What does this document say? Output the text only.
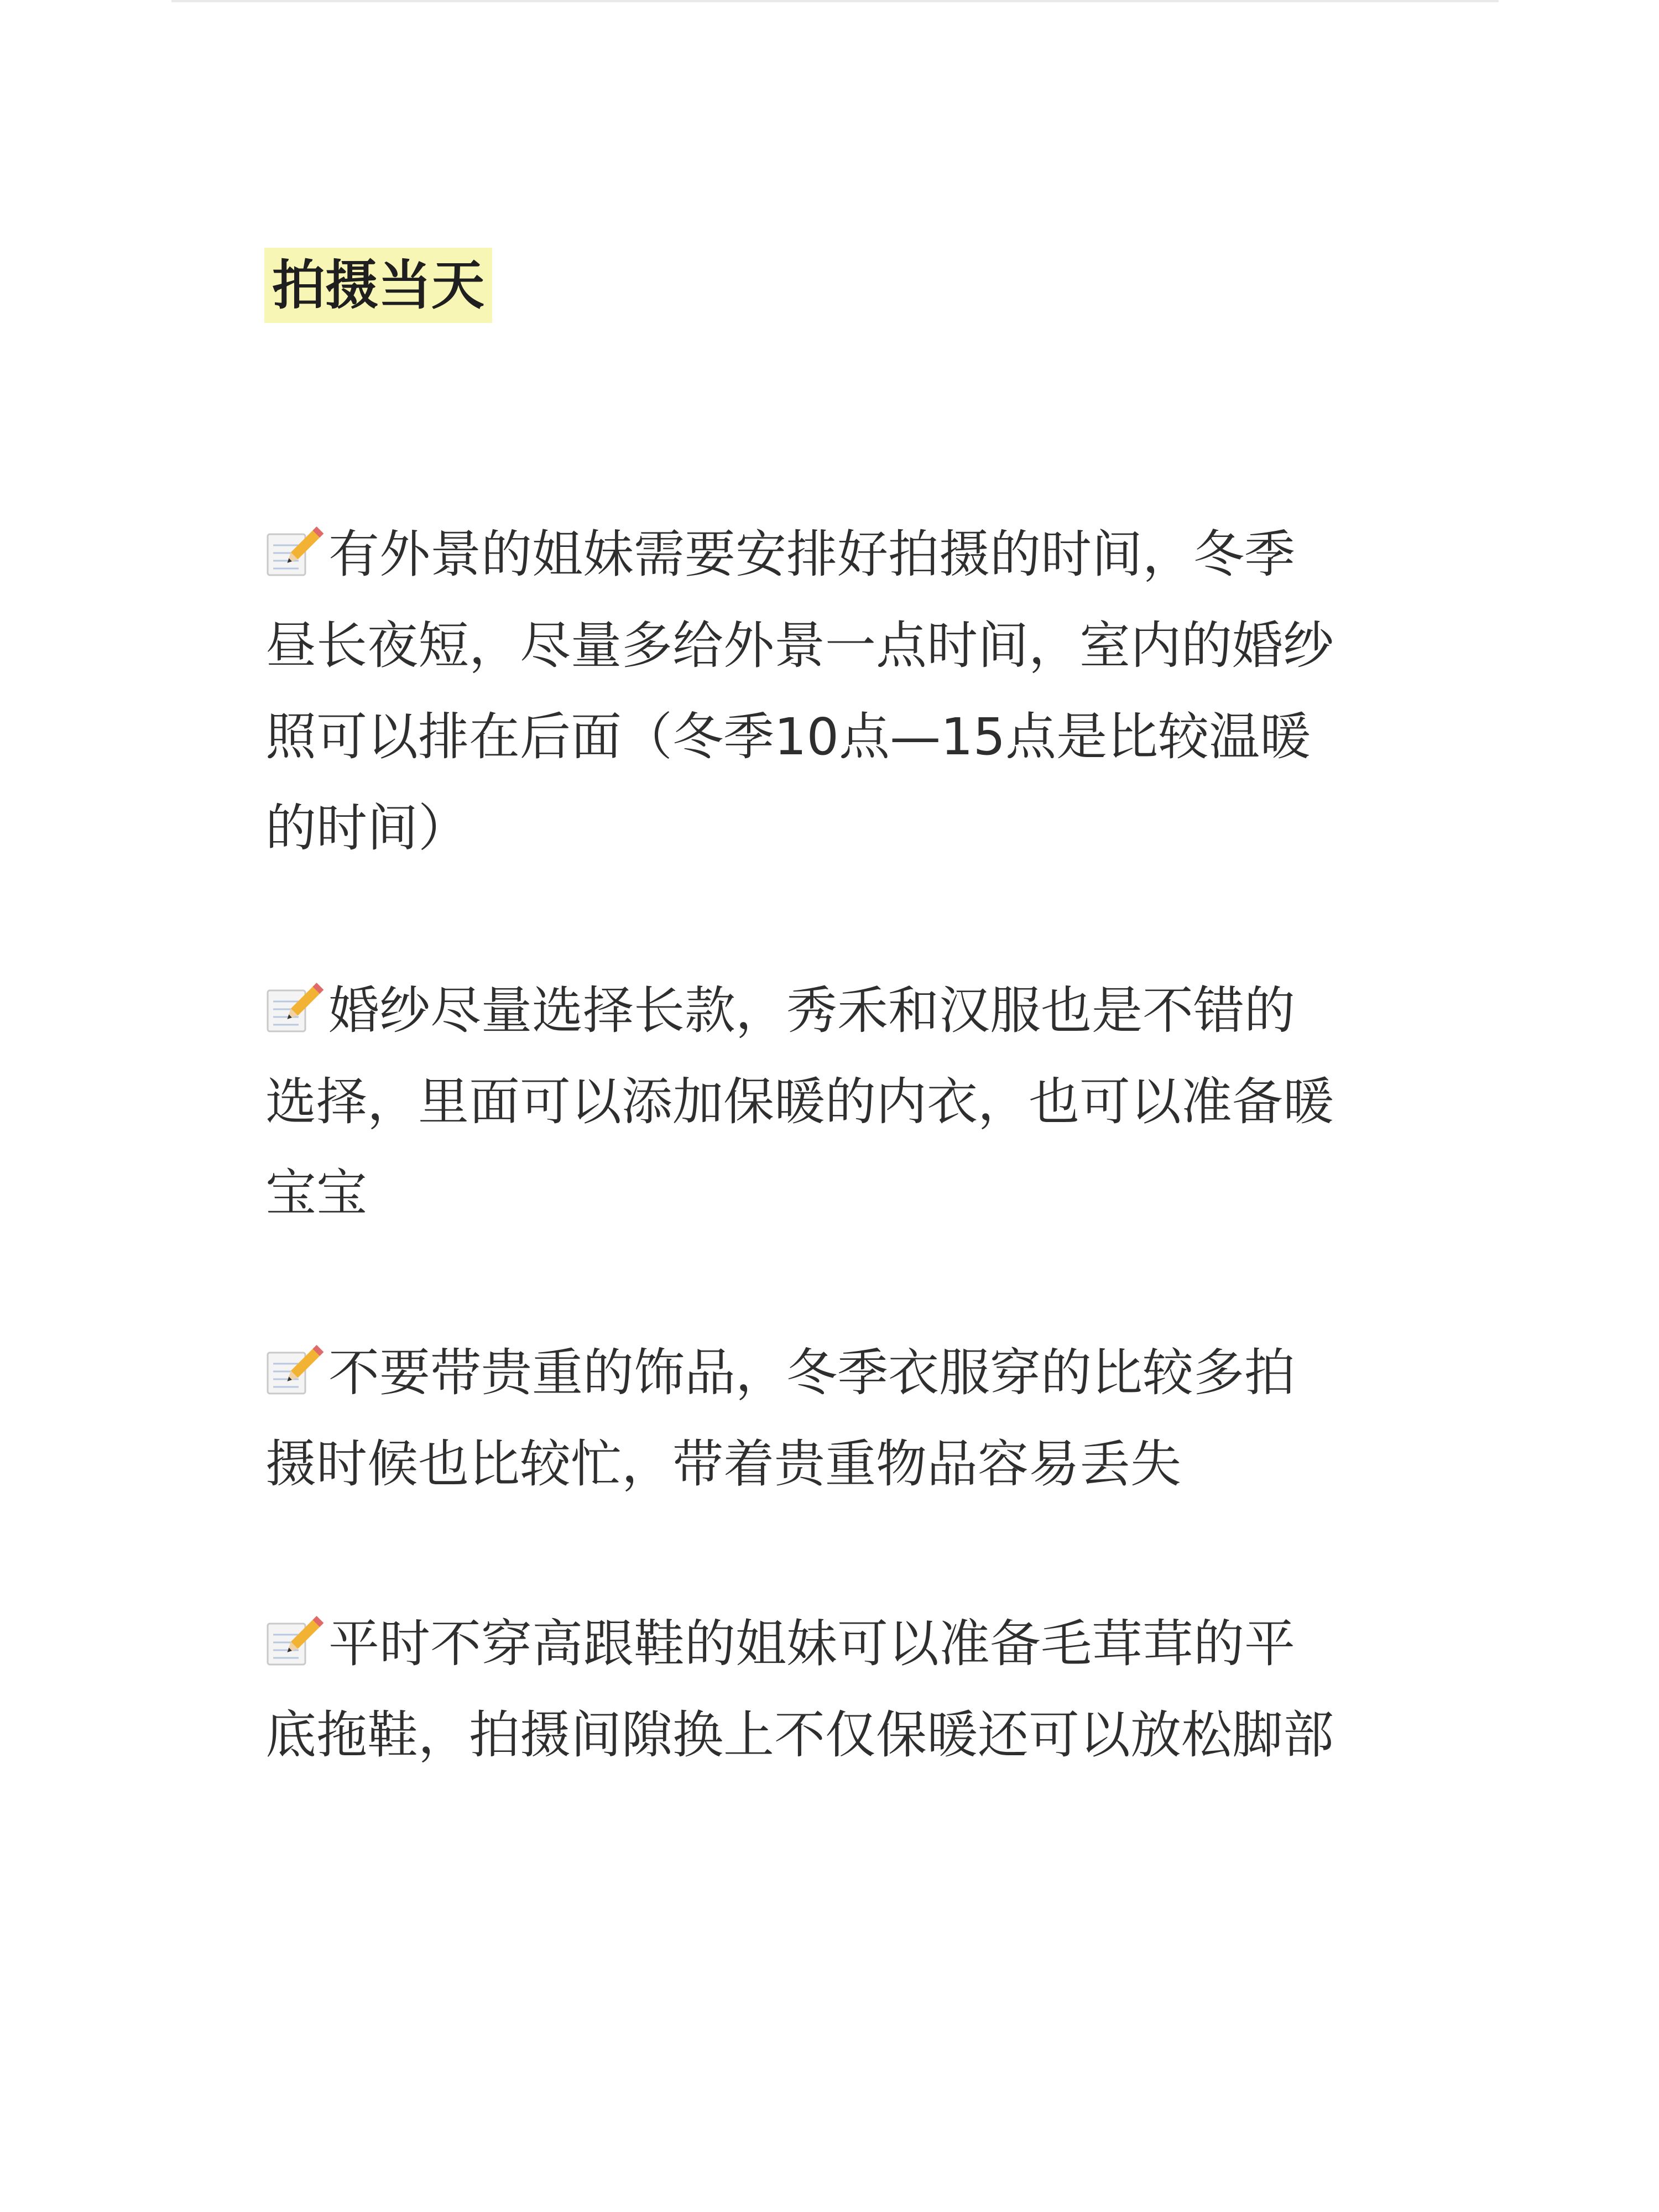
拍摄当天
有外景的姐妹需要安排好拍摄的时间，冬季
昼长夜短，尽量多给外景一点时间，室内的婚纱
照可以排在后面（冬季10点—15点是比较温暖
的时间）
婚纱尽量选择长款，秀禾和汉服也是不错的
选择，里面可以添加保暖的内衣，也可以准备暖
宝宝
不要带贵重的饰品，冬季衣服穿的比较多拍
摄时候也比较忙，带着贵重物品容易丢失
平时不穿高跟鞋的姐妹可以准备毛茸茸的平
底拖鞋，拍摄间隙换上不仅保暖还可以放松脚部
